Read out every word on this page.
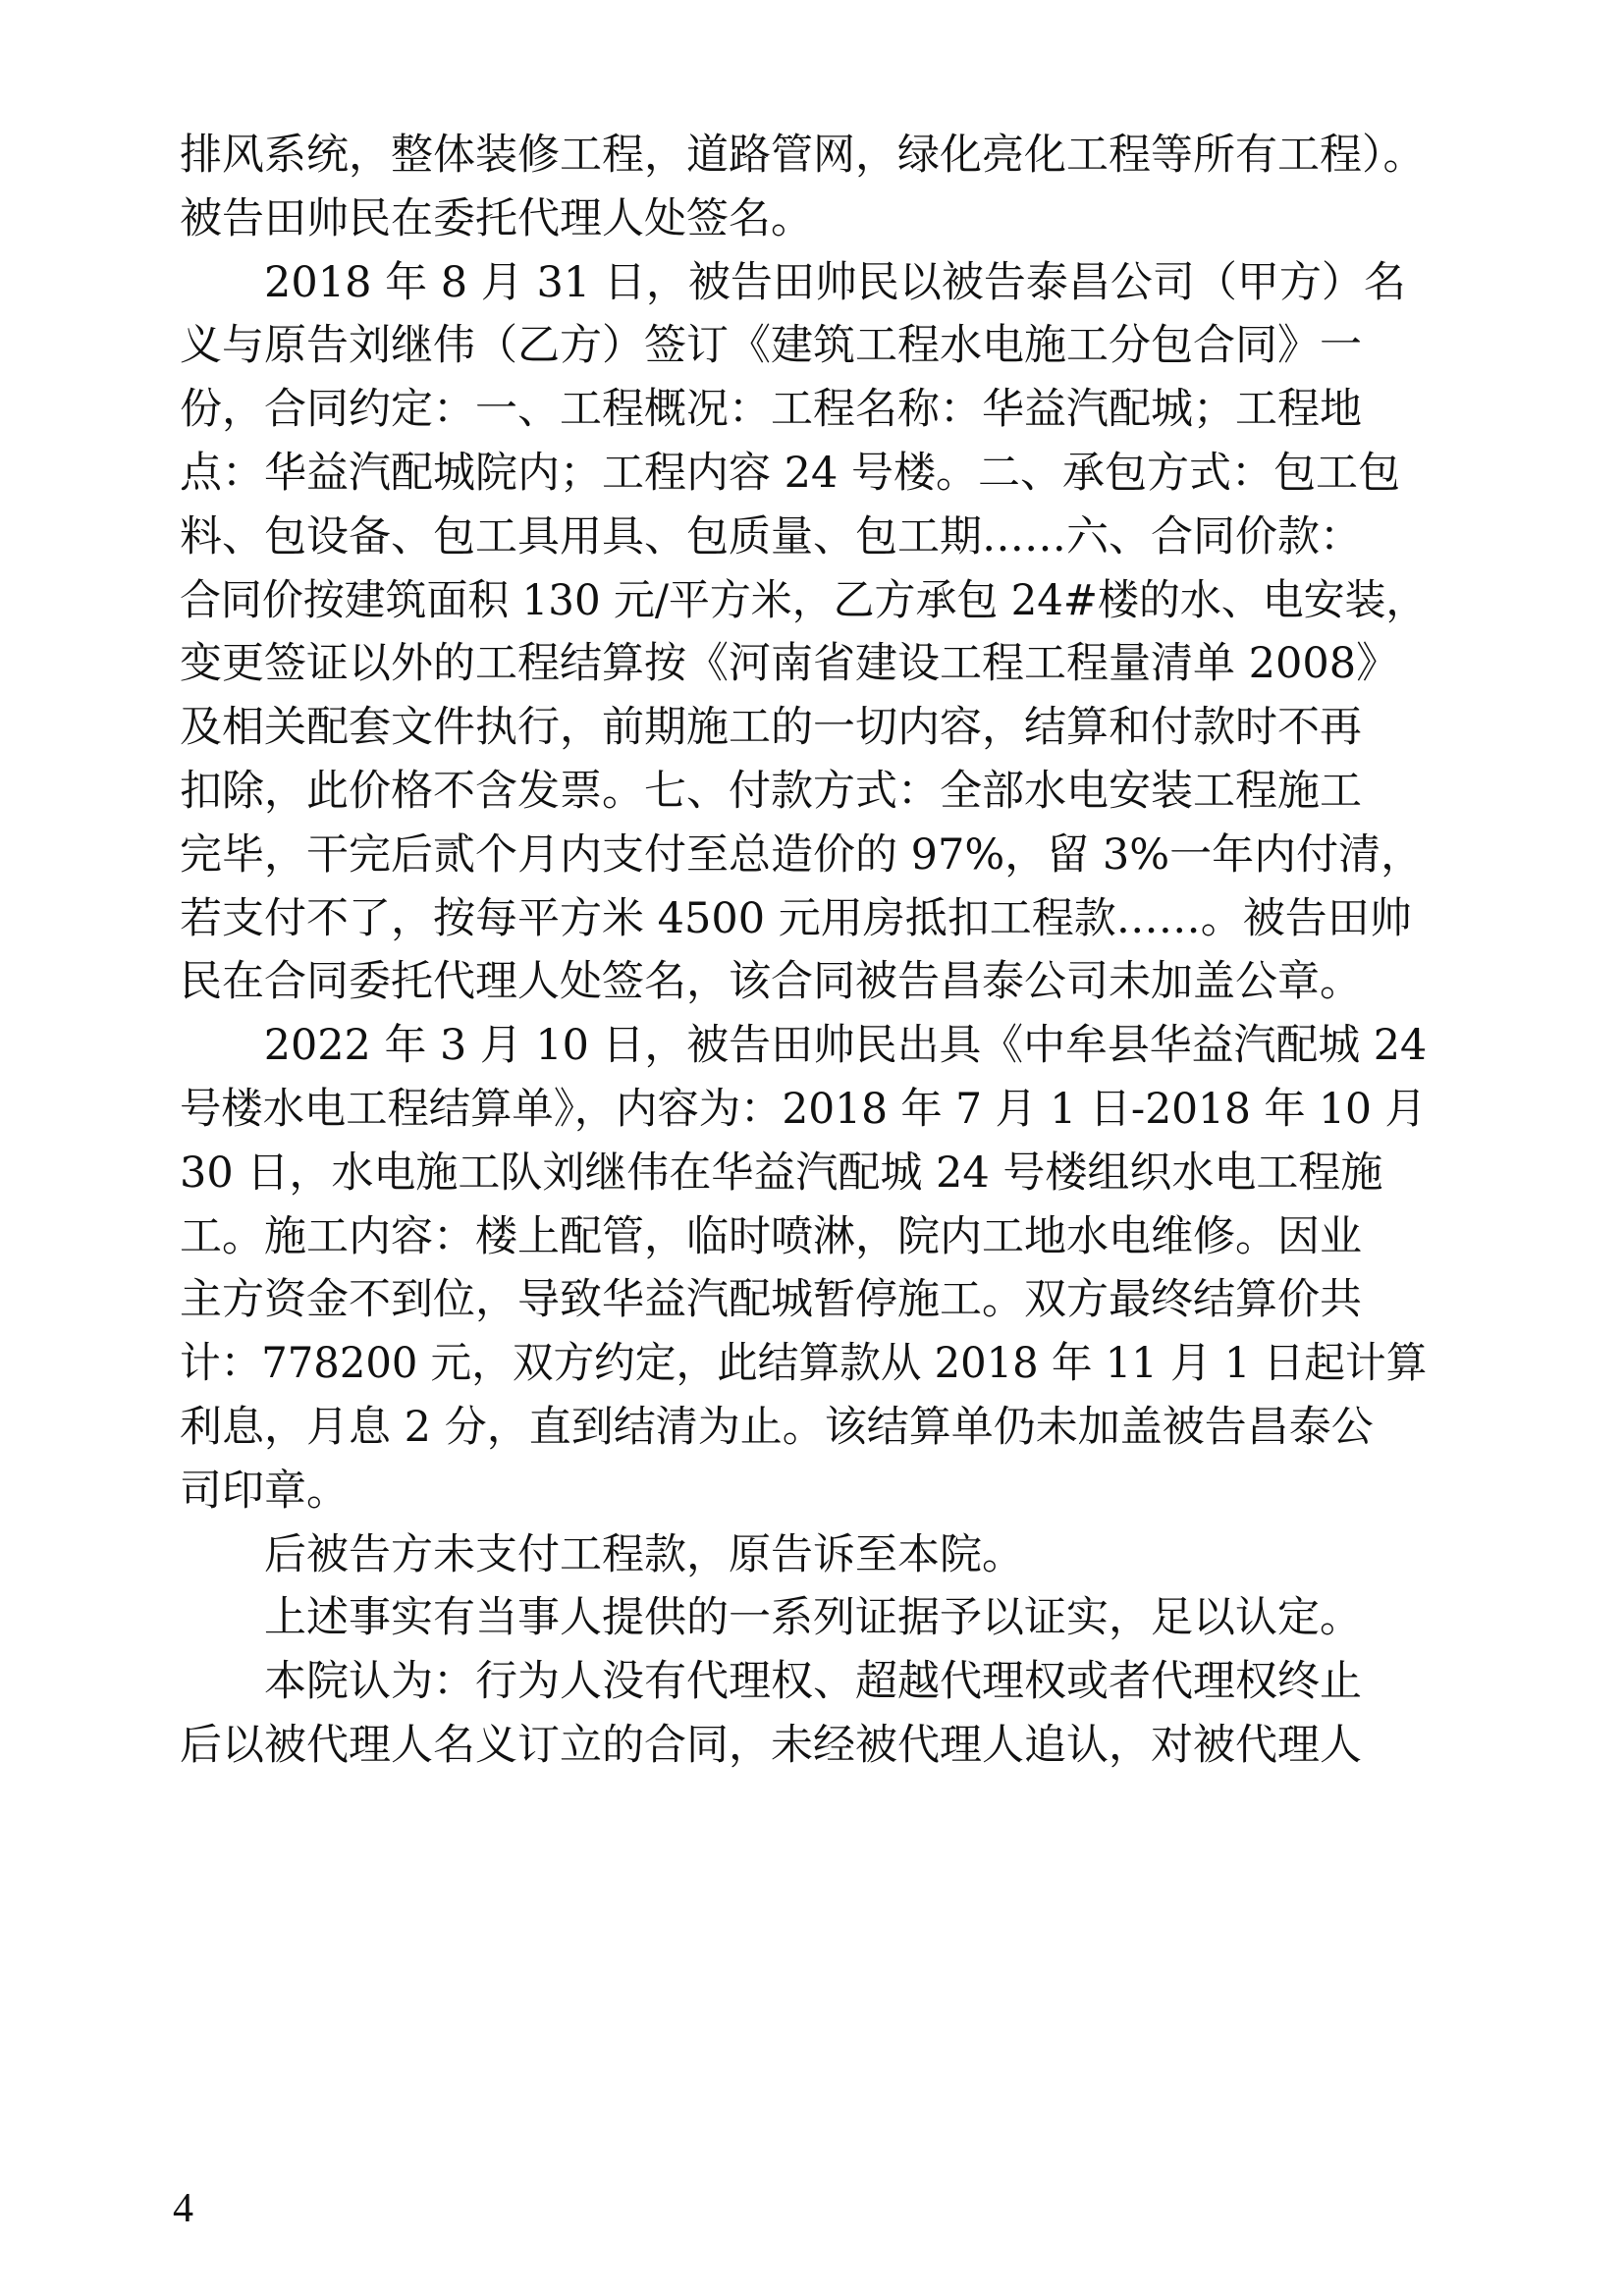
排风系统，整体装修工程，道路管网，绿化亮化工程等所有工程）。
被告田帅民在委托代理人处签名。
　　2018 年 8 月 31 日，被告田帅民以被告泰昌公司（甲方）名
义与原告刘继伟（乙方）签订《建筑工程水电施工分包合同》一
份，合同约定：一、工程概况：工程名称：华益汽配城；工程地
点：华益汽配城院内；工程内容 24 号楼。二、承包方式：包工包
料、包设备、包工具用具、包质量、包工期……六、合同价款：
合同价按建筑面积 130 元/平方米，乙方承包 24#楼的水、电安装，
变更签证以外的工程结算按《河南省建设工程工程量清单 2008》
及相关配套文件执行，前期施工的一切内容，结算和付款时不再
扣除，此价格不含发票。七、付款方式：全部水电安装工程施工
完毕，干完后贰个月内支付至总造价的 97%，留 3%一年内付清，
若支付不了，按每平方米 4500 元用房抵扣工程款……。被告田帅
民在合同委托代理人处签名，该合同被告昌泰公司未加盖公章。
　　2022 年 3 月 10 日，被告田帅民出具《中牟县华益汽配城 24
号楼水电工程结算单》，内容为：2018 年 7 月 1 日-2018 年 10 月
30 日，水电施工队刘继伟在华益汽配城 24 号楼组织水电工程施
工。施工内容：楼上配管，临时喷淋，院内工地水电维修。因业
主方资金不到位，导致华益汽配城暂停施工。双方最终结算价共
计：778200 元，双方约定，此结算款从 2018 年 11 月 1 日起计算
利息，月息 2 分，直到结清为止。该结算单仍未加盖被告昌泰公
司印章。
　　后被告方未支付工程款，原告诉至本院。
　　上述事实有当事人提供的一系列证据予以证实，足以认定。
　　本院认为：行为人没有代理权、超越代理权或者代理权终止
后以被代理人名义订立的合同，未经被代理人追认，对被代理人
4
